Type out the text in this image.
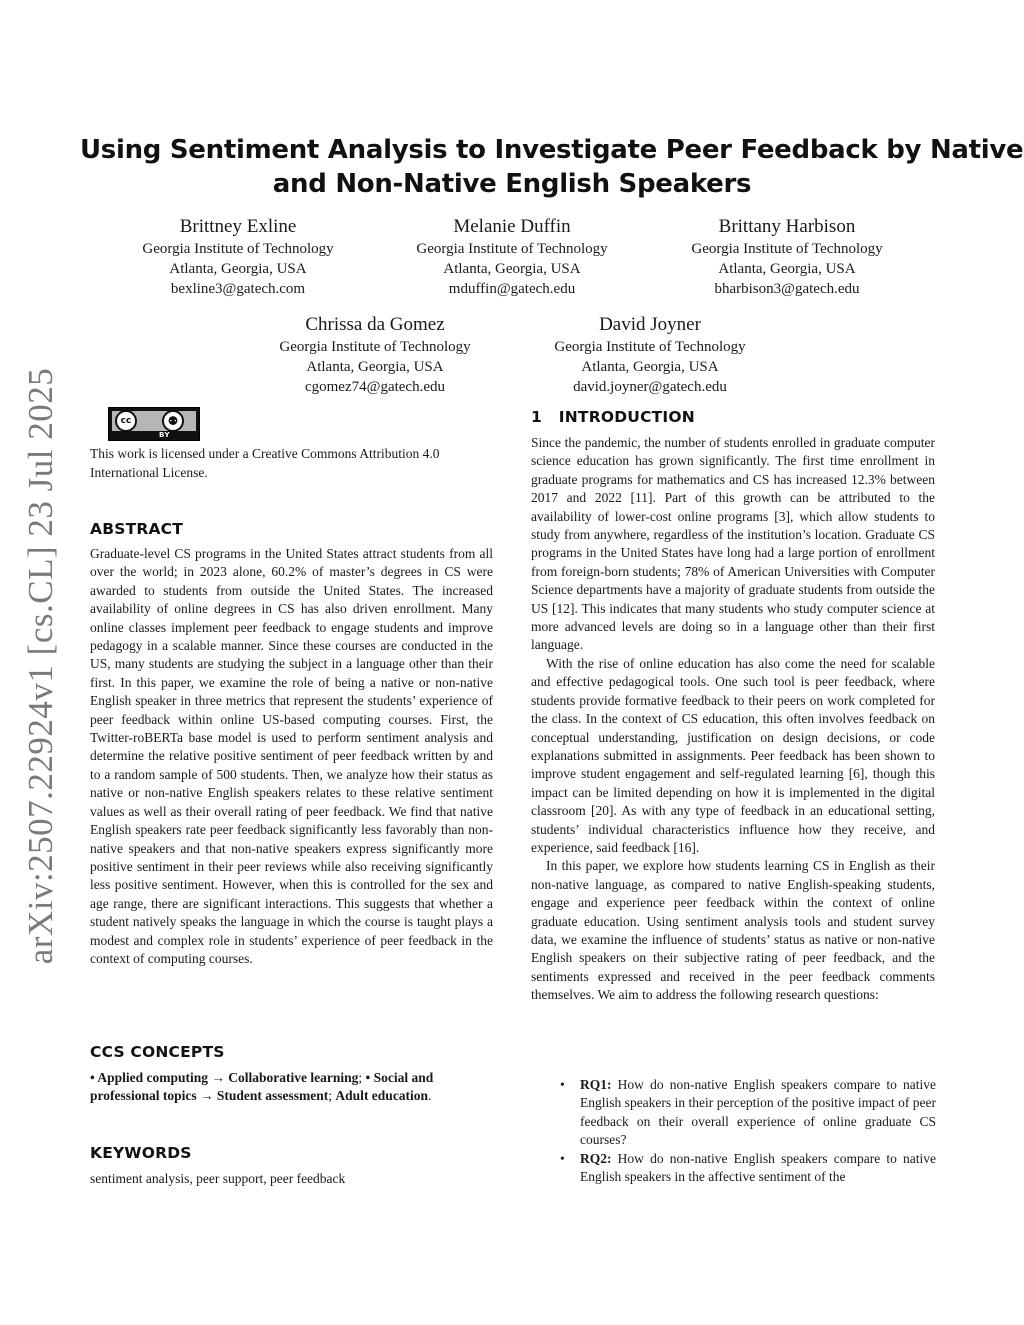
arXiv:2507.22924v1 [cs.CL] 23 Jul 2025
Using Sentiment Analysis to Investigate Peer Feedback by Native
and Non-Native English Speakers
Brittney Exline
Georgia Institute of Technology
Atlanta, Georgia, USA
bexline3@gatech.com
Melanie Duffin
Georgia Institute of Technology
Atlanta, Georgia, USA
mduffin@gatech.edu
Brittany Harbison
Georgia Institute of Technology
Atlanta, Georgia, USA
bharbison3@gatech.edu
Chrissa da Gomez
Georgia Institute of Technology
Atlanta, Georgia, USA
cgomez74@gatech.edu
David Joyner
Georgia Institute of Technology
Atlanta, Georgia, USA
david.joyner@gatech.edu
cc	⚉
BY
This work is licensed under a Creative Commons Attribution 4.0 International License.
ABSTRACT

Graduate-level CS programs in the United States attract students from all over the world; in 2023 alone, 60.2% of master’s degrees in CS were awarded to students from outside the United States. The increased availability of online degrees in CS has also driven enrollment. Many online classes implement peer feedback to engage students and improve pedagogy in a scalable manner. Since these courses are conducted in the US, many students are studying the subject in a language other than their first. In this paper, we examine the role of being a native or non-native English speaker in three metrics that represent the students’ experience of peer feedback within online US-based computing courses. First, the Twitter-roBERTa base model is used to perform sentiment analysis and determine the relative positive sentiment of peer feedback written by and to a random sample of 500 students. Then, we analyze how their status as native or non-native English speakers relates to these relative sentiment values as well as their overall rating of peer feedback. We find that native English speakers rate peer feedback significantly less favorably than non-native speakers and that non-native speakers express significantly more positive sentiment in their peer reviews while also receiving significantly less positive sentiment. However, when this is controlled for the sex and age range, there are significant interactions. This suggests that whether a student natively speaks the language in which the course is taught plays a modest and complex role in students’ experience of peer feedback in the context of computing courses.

CCS CONCEPTS
• Applied computing → Collaborative learning; • Social and professional topics → Student assessment; Adult education.
KEYWORDS
sentiment analysis, peer support, peer feedback
1 INTRODUCTION

Since the pandemic, the number of students enrolled in graduate computer science education has grown significantly. The first time enrollment in graduate programs for mathematics and CS has increased 12.3% between 2017 and 2022 [11]. Part of this growth can be attributed to the availability of lower-cost online programs [3], which allow students to study from anywhere, regardless of the institution’s location. Graduate CS programs in the United States have long had a large portion of enrollment from foreign-born students; 78% of American Universities with Computer Science departments have a majority of graduate students from outside the US [12]. This indicates that many students who study computer science at more advanced levels are doing so in a language other than their first language.

With the rise of online education has also come the need for scalable and effective pedagogical tools. One such tool is peer feedback, where students provide formative feedback to their peers on work completed for the class. In the context of CS education, this often involves feedback on conceptual understanding, justification on design decisions, or code explanations submitted in assignments. Peer feedback has been shown to improve student engagement and self-regulated learning [6], though this impact can be limited depending on how it is implemented in the digital classroom [20]. As with any type of feedback in an educational setting, students’ individual characteristics influence how they receive, and experience, said feedback [16].

In this paper, we explore how students learning CS in English as their non-native language, as compared to native English-speaking students, engage and experience peer feedback within the context of online graduate education. Using sentiment analysis tools and student survey data, we examine the influence of students’ status as native or non-native English speakers on their subjective rating of peer feedback, and the sentiments expressed and received in the peer feedback comments themselves. We aim to address the following research questions:

• RQ1: How do non-native English speakers compare to native English speakers in their perception of the positive impact of peer feedback on their overall experience of online graduate CS courses?
• RQ2: How do non-native English speakers compare to native English speakers in the affective sentiment of the
